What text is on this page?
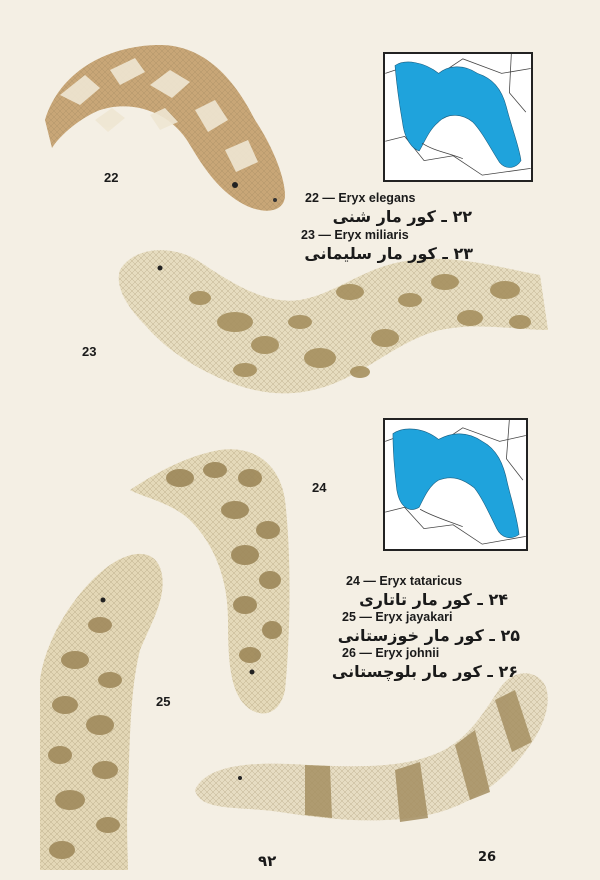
22
23
24
25
22 — Eryx elegans
۲۲ ـ کور مار شنی
23 — Eryx miliaris
۲۳ ـ کور مار سلیمانی
24 — Eryx tataricus
۲۴ ـ کور مار تاتاری
25 — Eryx jayakari
۲۵ ـ کور مار خوزستانی
26 — Eryx johnii
۲۶ ـ کور مار بلوچستانی
۹۲	26
